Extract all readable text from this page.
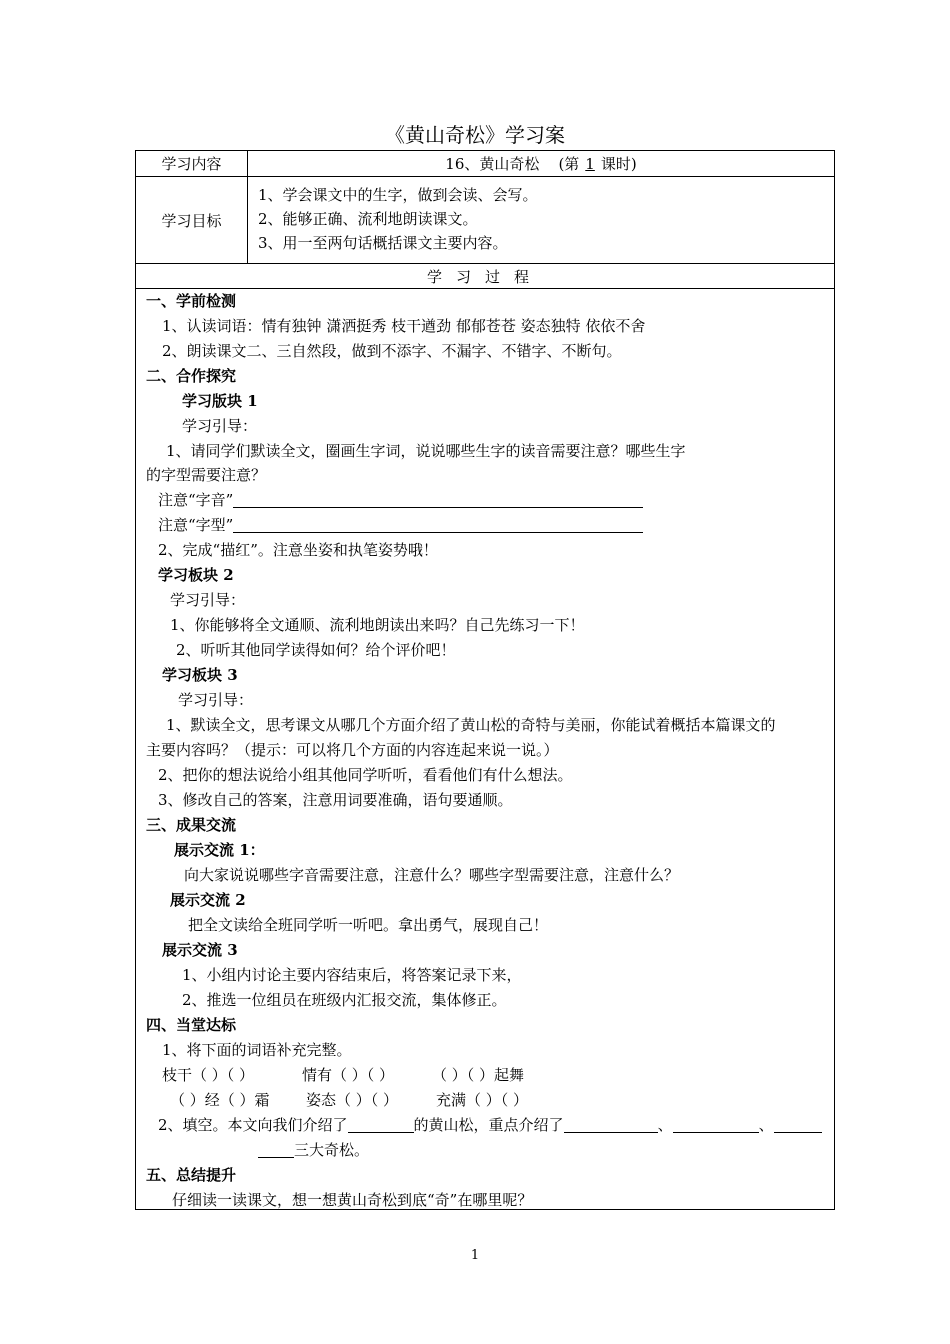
《黄山奇松》学习案
学习内容	16、黄山奇松    (第 1 课时)
学习目标
1、学会课文中的生字，做到会读、会写。
2、能够正确、流利地朗读课文。
3、用一至两句话概括课文主要内容。
学习过程
一、学前检测
1、认读词语：情有独钟 潇洒挺秀 枝干遒劲 郁郁苍苍 姿态独特 依依不舍
2、朗读课文二、三自然段，做到不添字、不漏字、不错字、不断句。
二、合作探究
学习版块 1
学习引导：
1、请同学们默读全文，圈画生字词，说说哪些生字的读音需要注意？哪些生字
的字型需要注意？
注意“字音”
注意“字型”
2、完成“描红”。注意坐姿和执笔姿势哦！
学习板块 2
学习引导：
1、你能够将全文通顺、流利地朗读出来吗？自己先练习一下！
2、听听其他同学读得如何？给个评价吧！
学习板块 3
学习引导：
1、默读全文，思考课文从哪几个方面介绍了黄山松的奇特与美丽，你能试着概括本篇课文的
主要内容吗？（提示：可以将几个方面的内容连起来说一说。）
2、把你的想法说给小组其他同学听听，看看他们有什么想法。
3、修改自己的答案，注意用词要准确，语句要通顺。
三、成果交流
展示交流 1：
向大家说说哪些字音需要注意，注意什么？哪些字型需要注意，注意什么？
展示交流 2
把全文读给全班同学听一听吧。拿出勇气，展现自己！
展示交流 3
1、小组内讨论主要内容结束后，将答案记录下来，
2、推选一位组员在班级内汇报交流，集体修正。
四、当堂达标
1、将下面的词语补充完整。
枝干（ ）（ ）	情有（ ）（ ）	（ ）（ ）起舞
（ ）经（ ）霜 姿态（ ）（ ）	充满（ ）（ ）
2、填空。本文向我们介绍了	的黄山松，重点介绍了	、	、
三大奇松。
五、总结提升
仔细读一读课文，想一想黄山奇松到底“奇”在哪里呢？
1
